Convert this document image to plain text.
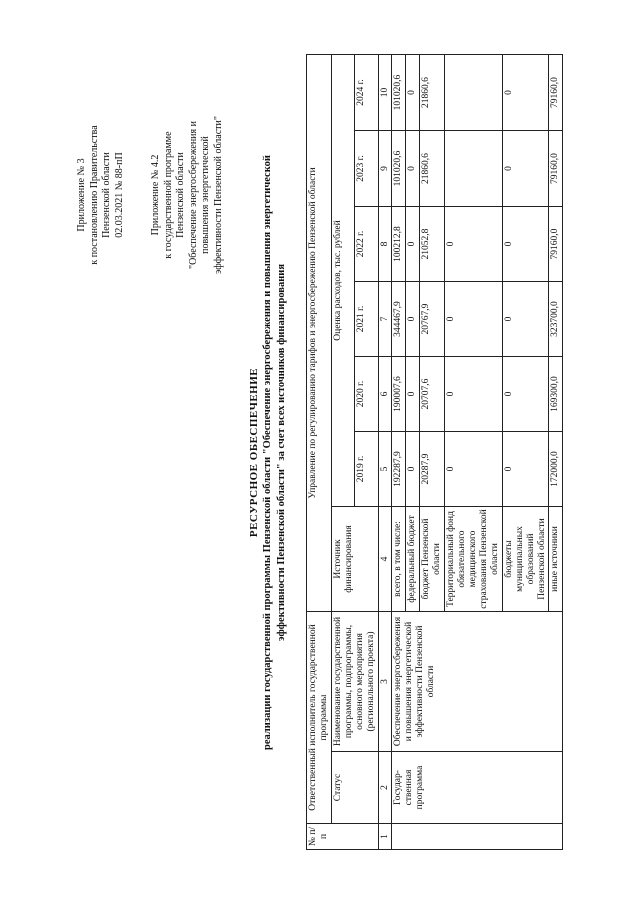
Приложение № 3 к постановлению Правительства Пензенской области 02.03.2021 № 88-пП	Приложение № 4.2 к государственной программе Пензенской области "Обеспечение энергосбережения и повышения энергетической эффективности Пензенской области"
РЕСУРСНОЕ ОБЕСПЕЧЕНИЕ реализации государственной программы Пензенской области "Обеспечение энергосбережения и повышения энергетической эффективности Пензенской области" за счет всех источников финансирования
№ п/п	Ответственный исполнитель государственной программы		Управление по регулированию тарифов и энергосбережению Пензенской области						
	Статус	Наименование государственной программы, подпрограммы, основного мероприятия (регионального проекта)	Источник финансирования	Оценка расходов, тыс. рублей					
				2019 г.	2020 г.	2021 г.	2022 г.	2023 г.	2024 г.
1	2	3	4	5	6	7	8	9	10
	Государ- ственная программа	Обеспечение энергосбережения и повышения энергетической эффективности Пензенской области	всего, в том числе:	192287,9	190007,6	344467,9	100212,8	101020,6	101020,6
			федеральный бюджет	0	0	0	0	0	0
			бюджет Пензенской области	20287,9	20707,6	20767,9	21052,8	21860,6	21860,6
			Территориальный фонд обязательного медицинского страхования Пензенской области	0	0	0	0		
			бюджеты муниципальных образований Пензенской области	0	0	0	0	0	0
			иные источники	172000,0	169300,0	323700,0	79160,0	79160,0	79160,0
